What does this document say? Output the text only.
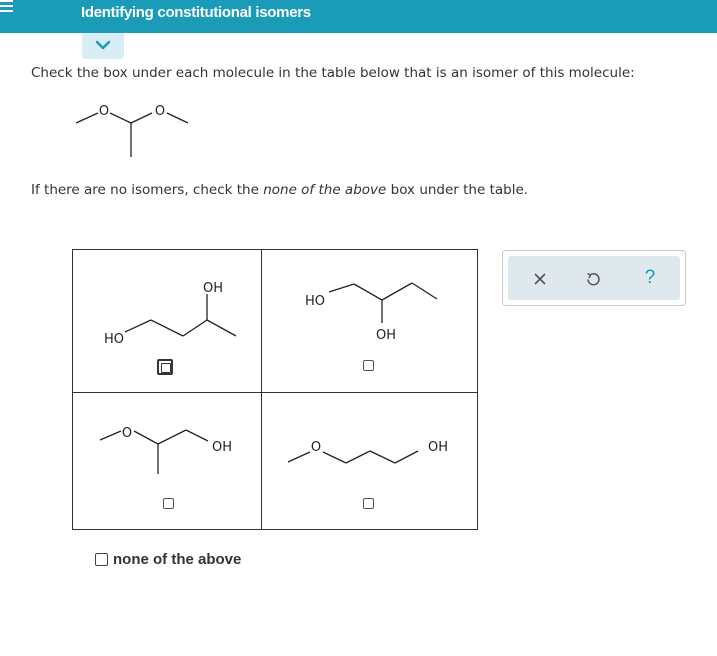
Identifying constitutional isomers
Check the box under each molecule in the table below that is an isomer of this molecule:
O	O
If there are no isomers, check the none of the above box under the table.
OH
HO
HO
OH
O
OH	O	OH
none of the above
?
